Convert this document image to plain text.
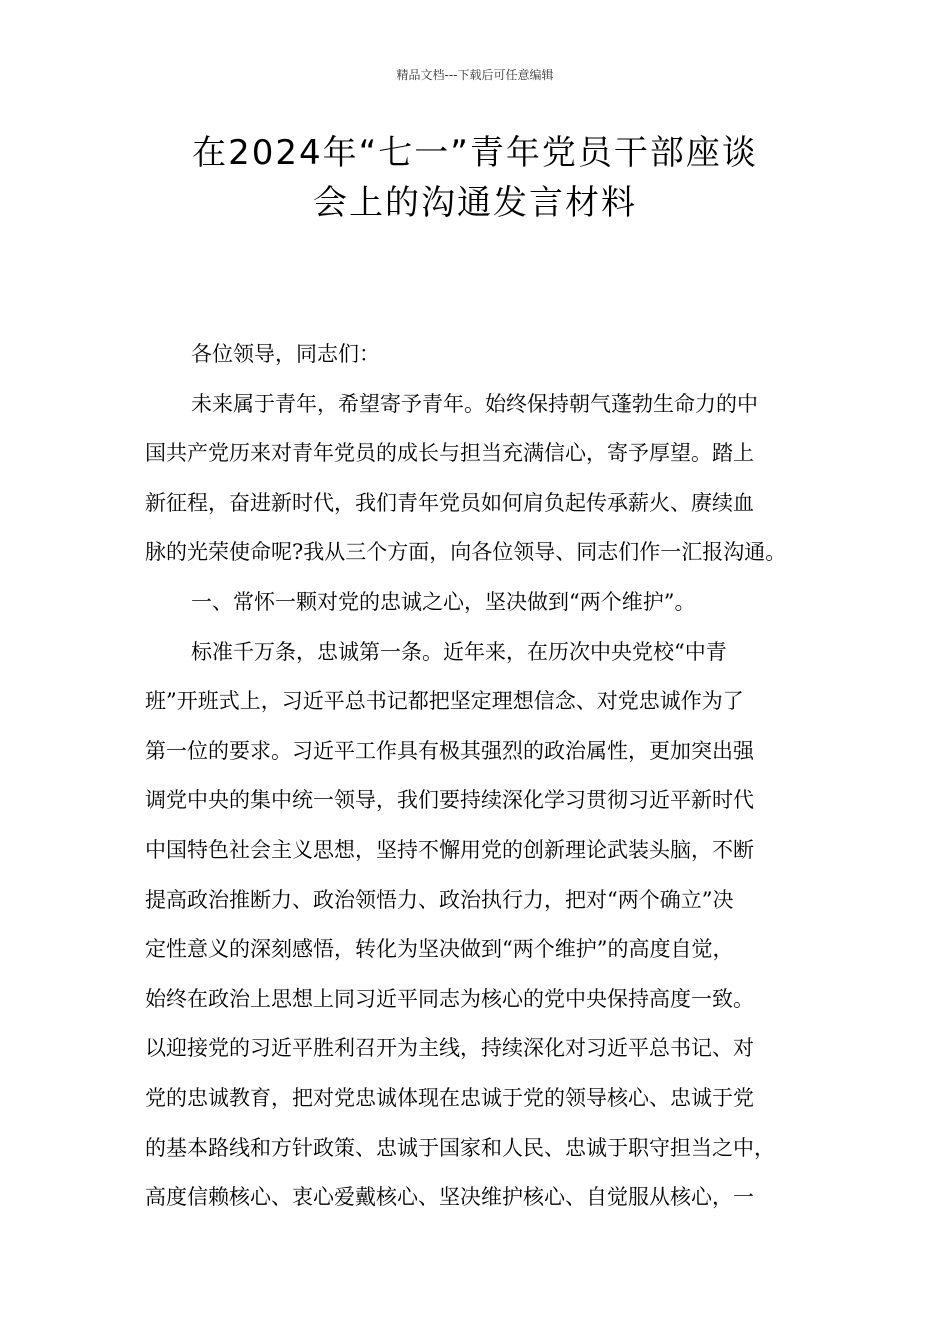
精品文档---下载后可任意编辑
在2024年“七一”青年党员干部座谈
会上的沟通发言材料
各位领导，同志们：
未来属于青年，希望寄予青年。始终保持朝气蓬勃生命力的中
国共产党历来对青年党员的成长与担当充满信心，寄予厚望。踏上
新征程，奋进新时代，我们青年党员如何肩负起传承薪火、赓续血
脉的光荣使命呢?我从三个方面，向各位领导、同志们作一汇报沟通。
一、常怀一颗对党的忠诚之心，坚决做到“两个维护”。
标准千万条，忠诚第一条。近年来，在历次中央党校“中青
班”开班式上，习近平总书记都把坚定理想信念、对党忠诚作为了
第一位的要求。习近平工作具有极其强烈的政治属性，更加突出强
调党中央的集中统一领导，我们要持续深化学习贯彻习近平新时代
中国特色社会主义思想，坚持不懈用党的创新理论武装头脑，不断
提高政治推断力、政治领悟力、政治执行力，把对“两个确立”决
定性意义的深刻感悟，转化为坚决做到“两个维护”的高度自觉，
始终在政治上思想上同习近平同志为核心的党中央保持高度一致。
以迎接党的习近平胜利召开为主线，持续深化对习近平总书记、对
党的忠诚教育，把对党忠诚体现在忠诚于党的领导核心、忠诚于党
的基本路线和方针政策、忠诚于国家和人民、忠诚于职守担当之中，
高度信赖核心、衷心爱戴核心、坚决维护核心、自觉服从核心，一
